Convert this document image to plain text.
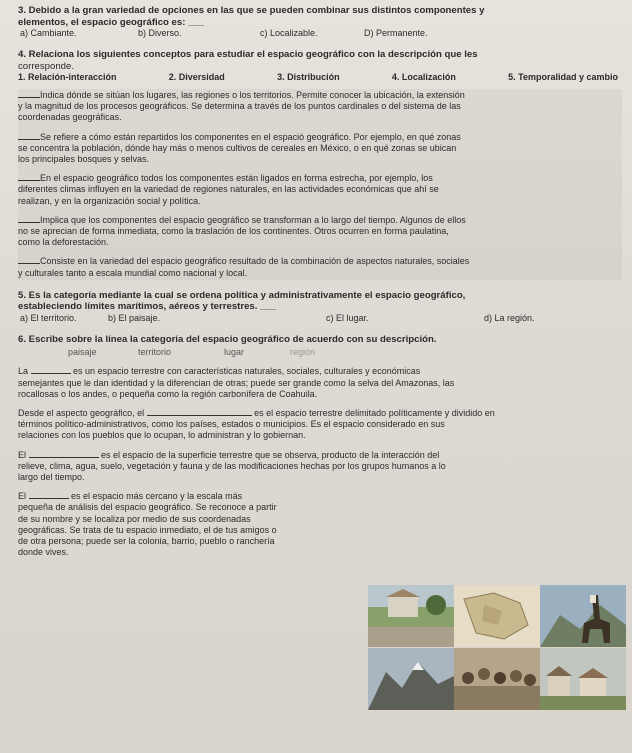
3. Debido a la gran variedad de opciones en las que se pueden combinar sus distintos componentes y
elementos, el espacio geográfico es: ___
a) Cambiante.	b) Diverso.	c) Localizable.	D) Permanente.
4. Relaciona los siguientes conceptos para estudiar el espacio geográfico con la descripción que les
corresponde.
1. Relación-interacción	2. Diversidad	3. Distribución	4. Localización	5. Temporalidad y cambio
Indica dónde se sitúan los lugares, las regiones o los territorios. Permite conocer la ubicación, la extensión
y la magnitud de los procesos geográficos. Se determina a través de los puntos cardinales o del sistema de las
coordenadas geográficas.
Se refiere a cómo están repartidos los componentes en el espació geográfico. Por ejemplo, en qué zonas
se concentra la población, dónde hay más o menos cultivos de cereales en México, o en qué zonas se ubican
los principales bosques y selvas.
En el espacio geográfico todos los componentes están ligados en forma estrecha, por ejemplo, los
diferentes climas influyen en la variedad de regiones naturales, en las actividades económicas que ahí se
realizan, y en la organización social y política.
Implica que los componentes del espacio geográfico se transforman a lo largo del tiempo. Algunos de ellos
no se aprecian de forma inmediata, como la traslación de los continentes. Otros ocurren en forma paulatina,
como la deforestación.
Consiste en la variedad del espacio geográfico resultado de la combinación de aspectos naturales, sociales
y culturales tanto a escala mundial como nacional y local.
5. Es la categoría mediante la cual se ordena política y administrativamente el espacio geográfico,
estableciendo límites marítimos, aéreos y terrestres. ___
a) El territorio.	b) El paisaje.	c) El lugar.	d) La región.
6. Escribe sobre la línea la categoría del espacio geográfico de acuerdo con su descripción.
paisaje	territorio	lugar	región
La	es un espacio terrestre con características naturales, sociales, culturales y económicas
semejantes que le dan identidad y la diferencian de otras; puede ser grande como la selva del Amazonas, las
rocallosas o los andes, o pequeña como la región carbonífera de Coahuila.
Desde el aspecto geográfico, el	es el espacio terrestre delimitado políticamente y dividido en
términos político-administrativos, como los países, estados o municipios. Es el espacio considerado en sus
relaciones con los pueblos que lo ocupan, lo administran y lo gobiernan.
El	es el espacio de la superficie terrestre que se observa, producto de la interacción del
relieve, clima, agua, suelo, vegetación y fauna y de las modificaciones hechas por los grupos humanos a lo
largo del tiempo.
El	es el espacio más cercano y la escala más
pequeña de análisis del espacio geográfico. Se reconoce a partir
de su nombre y se localiza por medio de sus coordenadas
geográficas. Se trata de tu espacio inmediato, el de tus amigos o
de otra persona; puede ser la colonia, barrio, pueblo o ranchería
donde vives.
